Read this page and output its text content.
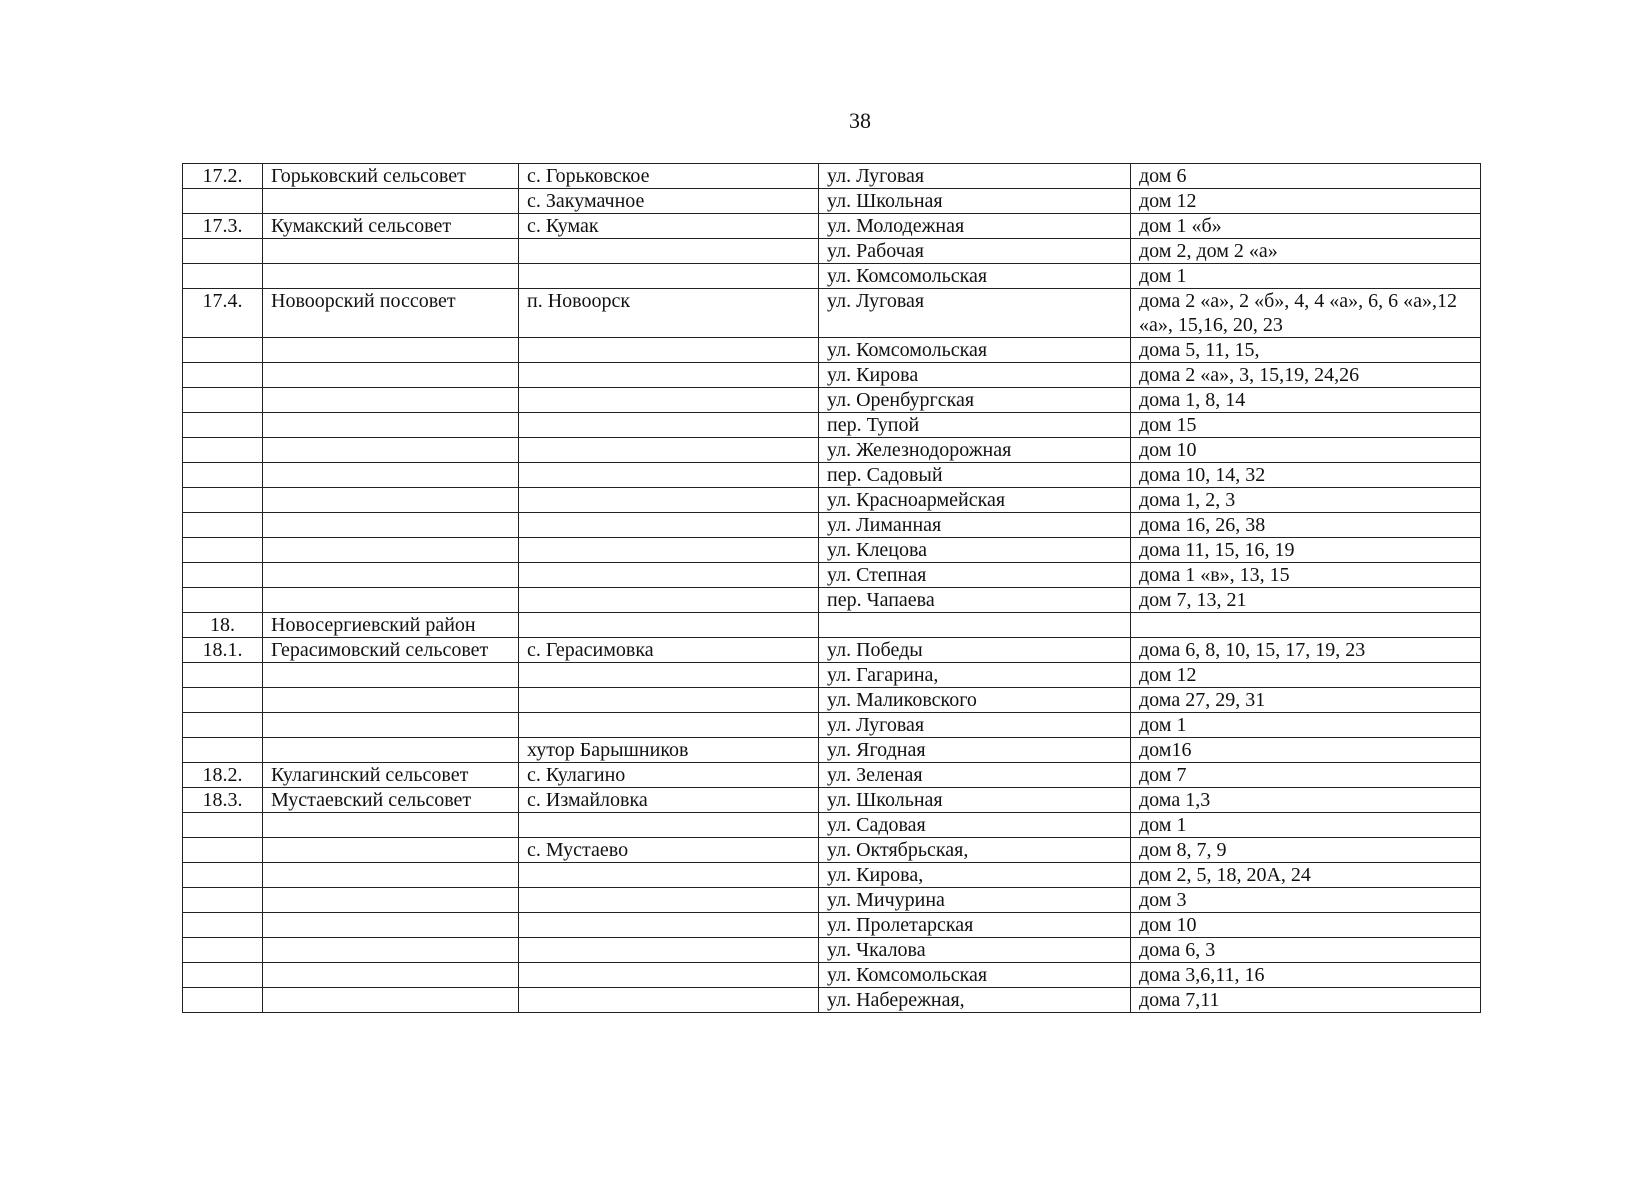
38
17.2.	Горьковский сельсовет	с. Горьковское	ул. Луговая	дом 6
		с. Закумачное	ул. Школьная	дом 12
17.3.	Кумакский сельсовет	с. Кумак	ул. Молодежная	дом 1 «б»
			ул. Рабочая	дом 2, дом 2 «а»
			ул. Комсомольская	дом 1
17.4.	Новоорский поссовет	п. Новоорск	ул. Луговая	дома 2 «а», 2 «б», 4, 4 «а», 6, 6 «а»,12 «а», 15,16, 20, 23
			ул. Комсомольская	дома 5, 11, 15,
			ул. Кирова	дома 2 «а», 3, 15,19, 24,26
			ул. Оренбургская	дома 1, 8, 14
			пер. Тупой	дом 15
			ул. Железнодорожная	дом 10
			пер. Садовый	дома 10, 14, 32
			ул. Красноармейская	дома 1, 2, 3
			ул. Лиманная	дома 16, 26, 38
			ул. Клецова	дома 11, 15, 16, 19
			ул. Степная	дома 1 «в», 13, 15
			пер. Чапаева	дом 7, 13, 21
18.	Новосергиевский район			
18.1.	Герасимовский сельсовет	с. Герасимовка	ул. Победы	дома 6, 8, 10, 15, 17, 19, 23
			ул. Гагарина,	дом 12
			ул. Маликовского	дома 27, 29, 31
			ул. Луговая	дом 1
		хутор Барышников	ул. Ягодная	дом16
18.2.	Кулагинский сельсовет	с. Кулагино	ул. Зеленая	дом 7
18.3.	Мустаевский сельсовет	с. Измайловка	ул. Школьная	дома 1,3
			ул. Садовая	дом 1
		с. Мустаево	ул. Октябрьская,	дом 8, 7, 9
			ул. Кирова,	дом 2, 5, 18, 20А, 24
			ул. Мичурина	дом 3
			ул. Пролетарская	дом 10
			ул. Чкалова	дома 6, 3
			ул. Комсомольская	дома 3,6,11, 16
			ул. Набережная,	дома 7,11
